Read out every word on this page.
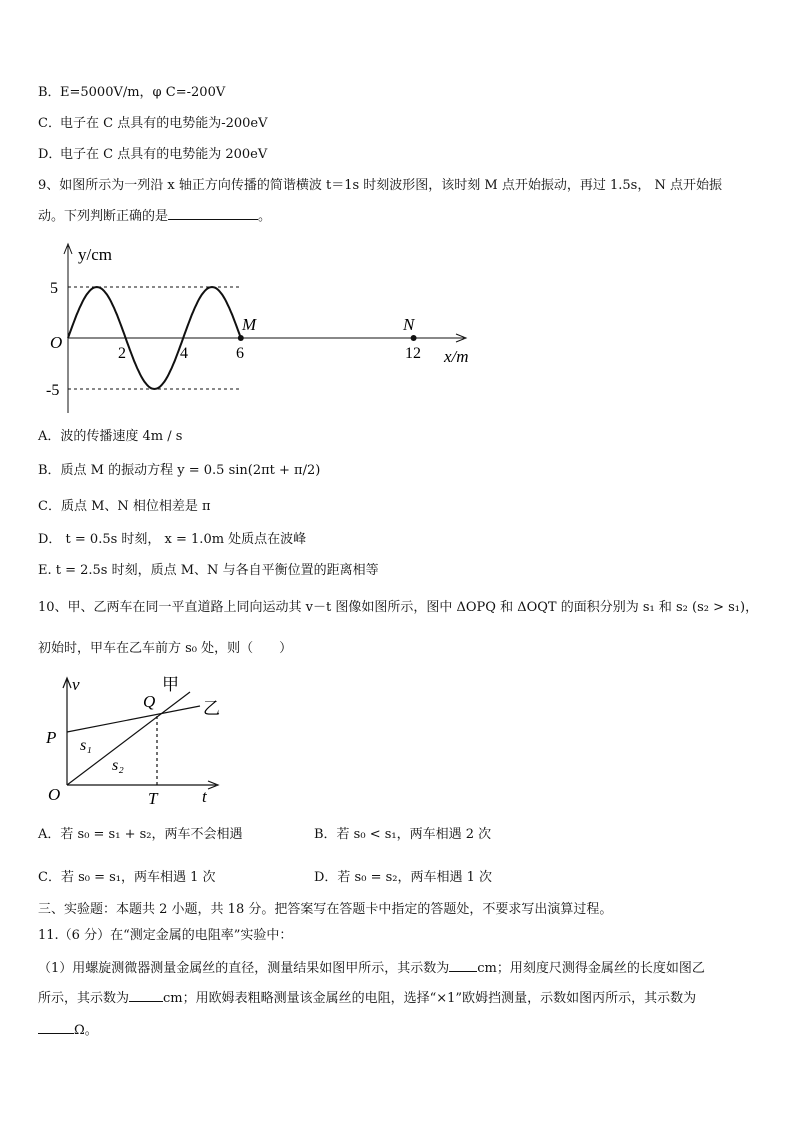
B． E=5000V/m，φ C=-200V
C． 电子在 C 点具有的电势能为-200eV
D．
电子在 C 点具有的电势能为 200eV
9、如图所示为一列沿 x 轴正方向传播的简谐横波 t＝1s 时刻波形图，该时刻 M 点开始振动，再过 1.5s， N 点开始振
动。下列判断正确的是	。
y/cm
x/m
O
5
-5
2	4	6	12
M	N
A．波的传播速度 4m / s
B．质点 M 的振动方程 y = 0.5 sin(2πt + π/2)
C．质点 M、N 相位相差是 π
D． t = 0.5s 时刻， x = 1.0m 处质点在波峰
E. t = 2.5s 时刻，质点 M、N 与各自平衡位置的距离相等
10、甲、乙两车在同一平直道路上同向运动其 v－t 图像如图所示，图中 ΔOPQ 和 ΔOQT 的面积分别为 s₁ 和 s₂ (s₂ > s₁)，
初始时，甲车在乙车前方 s₀ 处，则（　　）
v
t
O
P
Q
T
甲
乙
s₁
s₂
A．若 s₀ = s₁ + s₂，两车不会相遇	B．若 s₀ < s₁，两车相遇 2 次
C．若 s₀ = s₁，两车相遇 1 次	D．若 s₀ = s₂，两车相遇 1 次
三、实验题：本题共 2 小题，共 18 分。把答案写在答题卡中指定的答题处，不要求写出演算过程。
11.（6 分）在“测定金属的电阻率”实验中：
（1）用螺旋测微器测量金属丝的直径，测量结果如图甲所示，其示数为 cm；用刻度尺测得金属丝的长度如图乙
所示，其示数为	cm；用欧姆表粗略测量该金属丝的电阻，选择“×1”欧姆挡测量，示数如图丙所示，其示数为
Ω。
